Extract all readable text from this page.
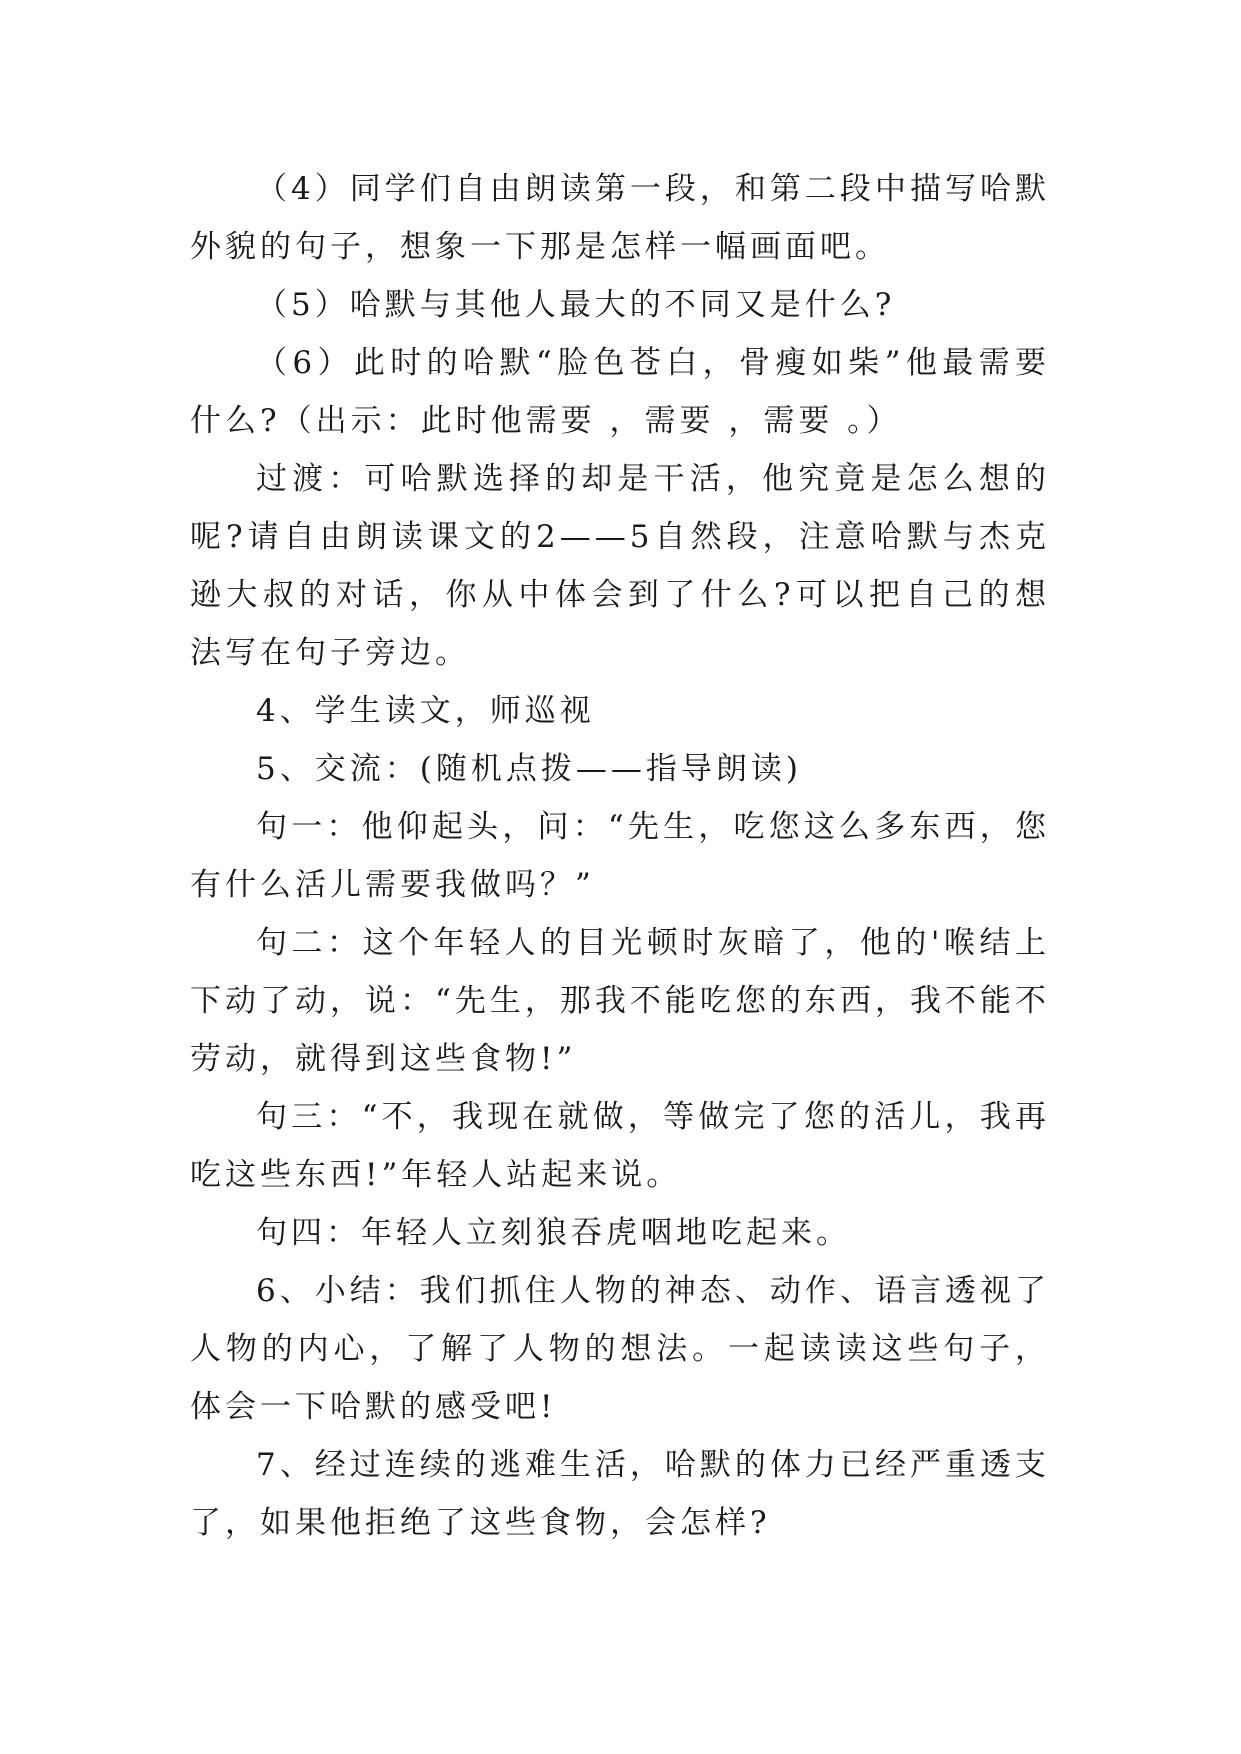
（4）同学们自由朗读第一段，和第二段中描写哈默外貌的句子，想象一下那是怎样一幅画面吧。

（5）哈默与其他人最大的不同又是什么?

（6）此时的哈默“脸色苍白，骨瘦如柴”他最需要什么?（出示：此时他需要 ，需要 ，需要 。）

过渡：可哈默选择的却是干活，他究竟是怎么想的呢?请自由朗读课文的2——5自然段，注意哈默与杰克逊大叔的对话，你从中体会到了什么?可以把自己的想法写在句子旁边。

4、学生读文，师巡视

5、交流：(随机点拨——指导朗读)

句一：他仰起头，问：“先生，吃您这么多东西，您有什么活儿需要我做吗？”

句二：这个年轻人的目光顿时灰暗了，他的'喉结上下动了动，说：“先生，那我不能吃您的东西，我不能不劳动，就得到这些食物!”

句三：“不，我现在就做，等做完了您的活儿，我再吃这些东西!”年轻人站起来说。

句四：年轻人立刻狼吞虎咽地吃起来。

6、小结：我们抓住人物的神态、动作、语言透视了人物的内心，了解了人物的想法。一起读读这些句子，体会一下哈默的感受吧!

7、经过连续的逃难生活，哈默的体力已经严重透支了，如果他拒绝了这些食物，会怎样?
